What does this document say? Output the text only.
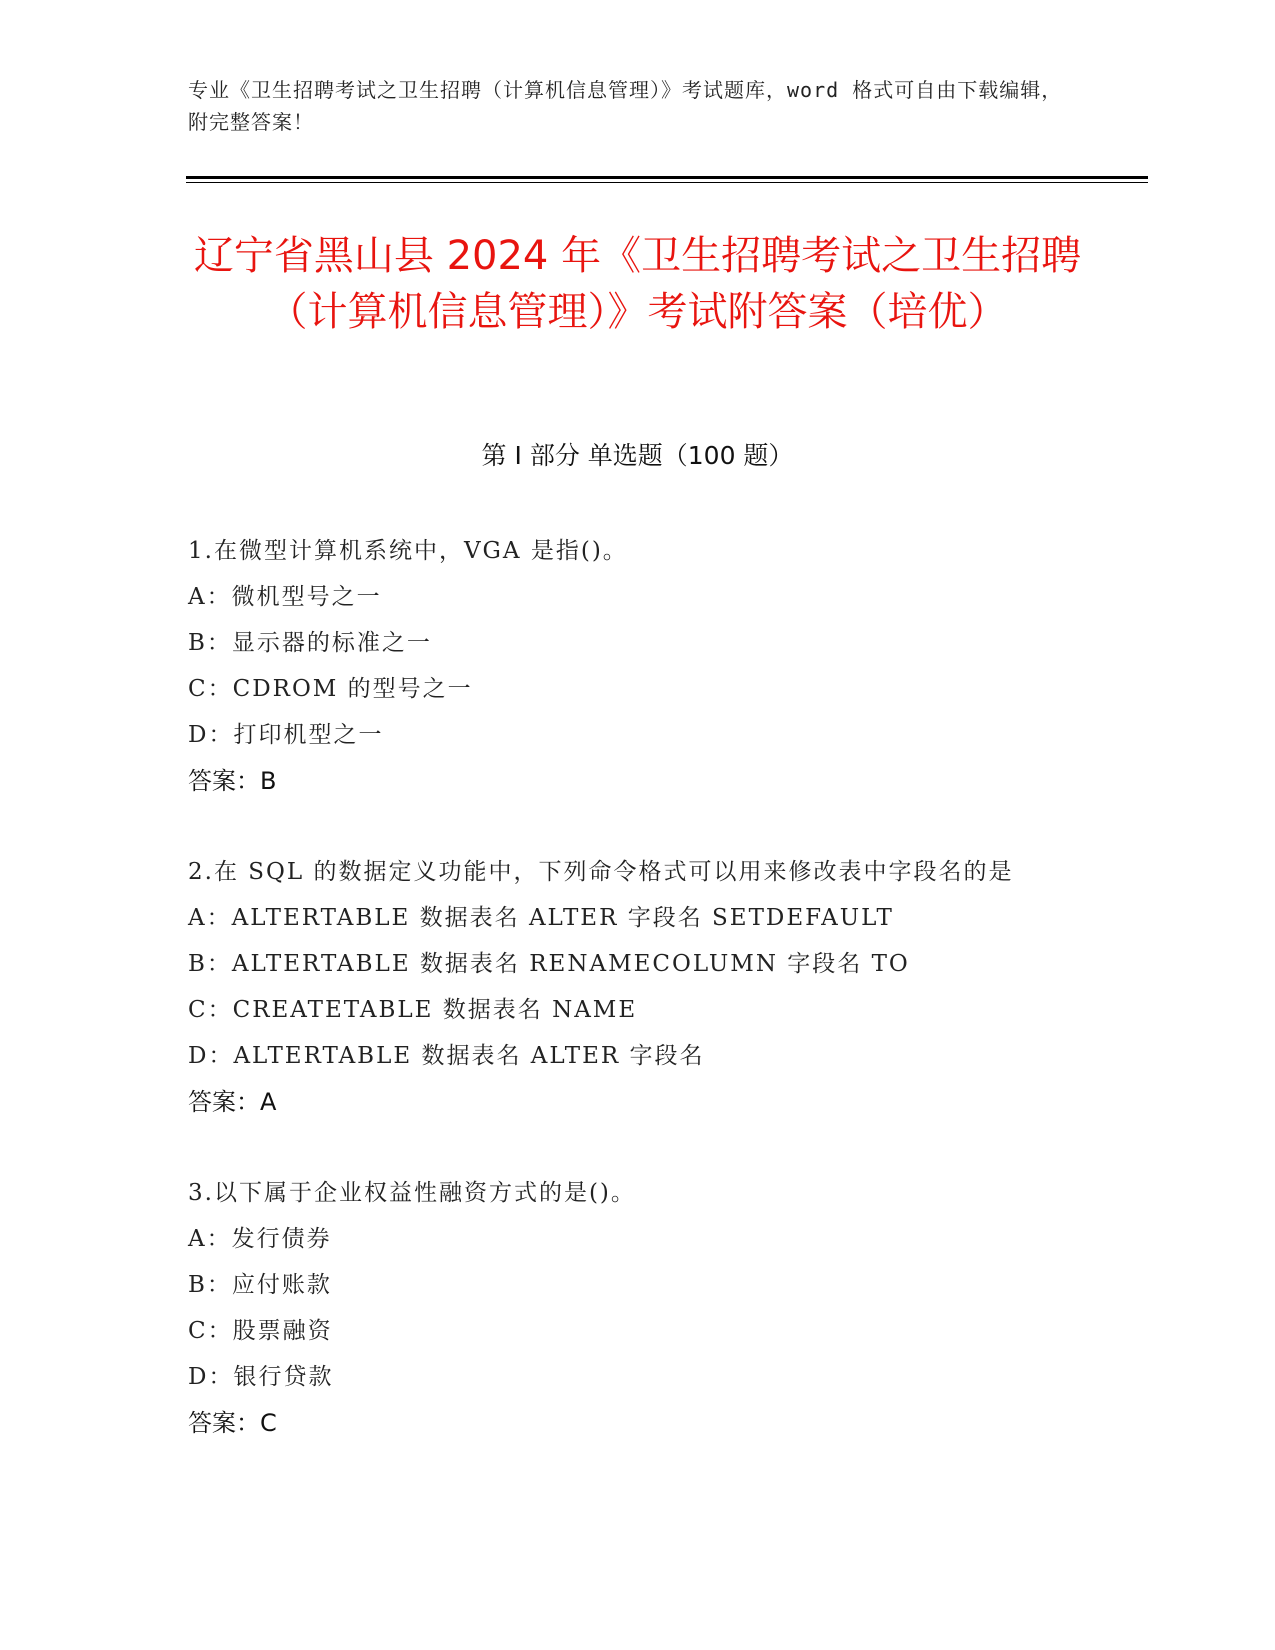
专业《卫生招聘考试之卫生招聘（计算机信息管理）》考试题库，word 格式可自由下载编辑，附完整答案！
辽宁省黑山县 2024 年《卫生招聘考试之卫生招聘（计算机信息管理）》考试附答案（培优）
第 I 部分 单选题（100 题）
1.在微型计算机系统中，VGA 是指()。
A：微机型号之一
B：显示器的标准之一
C：CDROM 的型号之一
D：打印机型之一
答案：B
2.在 SQL 的数据定义功能中，下列命令格式可以用来修改表中字段名的是
A：ALTERTABLE 数据表名 ALTER 字段名 SETDEFAULT
B：ALTERTABLE 数据表名 RENAMECOLUMN 字段名 TO
C：CREATETABLE 数据表名 NAME
D：ALTERTABLE 数据表名 ALTER 字段名
答案：A
3.以下属于企业权益性融资方式的是()。
A：发行债券
B：应付账款
C：股票融资
D：银行贷款
答案：C
